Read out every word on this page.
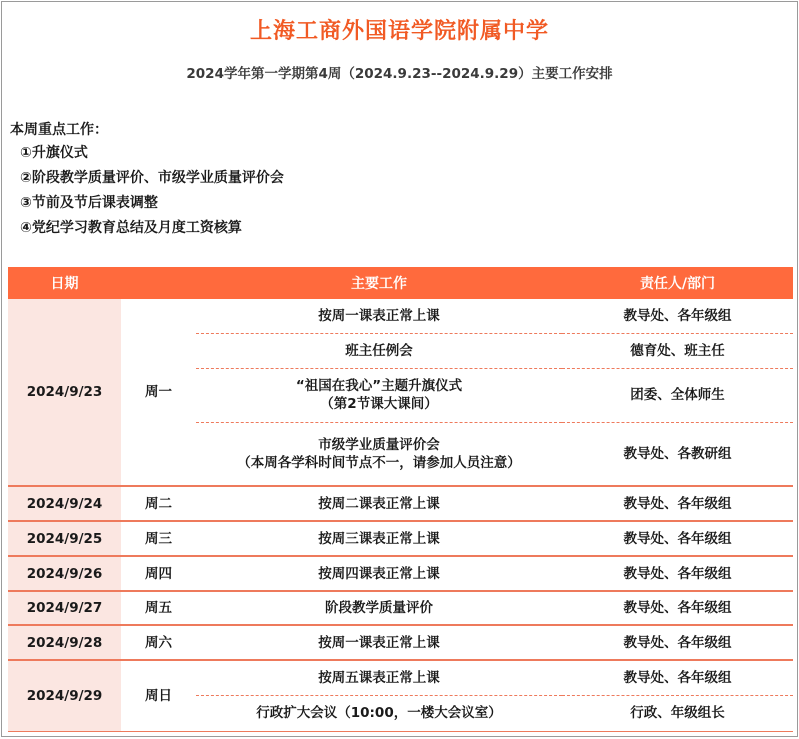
上海工商外国语学院附属中学
2024学年第一学期第4周（2024.9.23--2024.9.29）主要工作安排
本周重点工作：
①升旗仪式
②阶段教学质量评价、市级学业质量评价会
③节前及节后课表调整
④党纪学习教育总结及月度工资核算
日期		主要工作	责任人/部门
2024/9/23	周一	按周一课表正常上课	教导处、各年级组

		班主任例会	德育处、班主任

		“祖国在我心”主题升旗仪式
（第2节课大课间）	团委、全体师生

		市级学业质量评价会
（本周各学科时间节点不一，请参加人员注意）	教导处、各教研组
2024/9/24	周二	按周二课表正常上课	教导处、各年级组
2024/9/25	周三	按周三课表正常上课	教导处、各年级组
2024/9/26	周四	按周四课表正常上课	教导处、各年级组
2024/9/27	周五	阶段教学质量评价	教导处、各年级组
2024/9/28	周六	按周一课表正常上课	教导处、各年级组
2024/9/29	周日	按周五课表正常上课	教导处、各年级组

		行政扩大会议（10:00，一楼大会议室）	行政、年级组长
